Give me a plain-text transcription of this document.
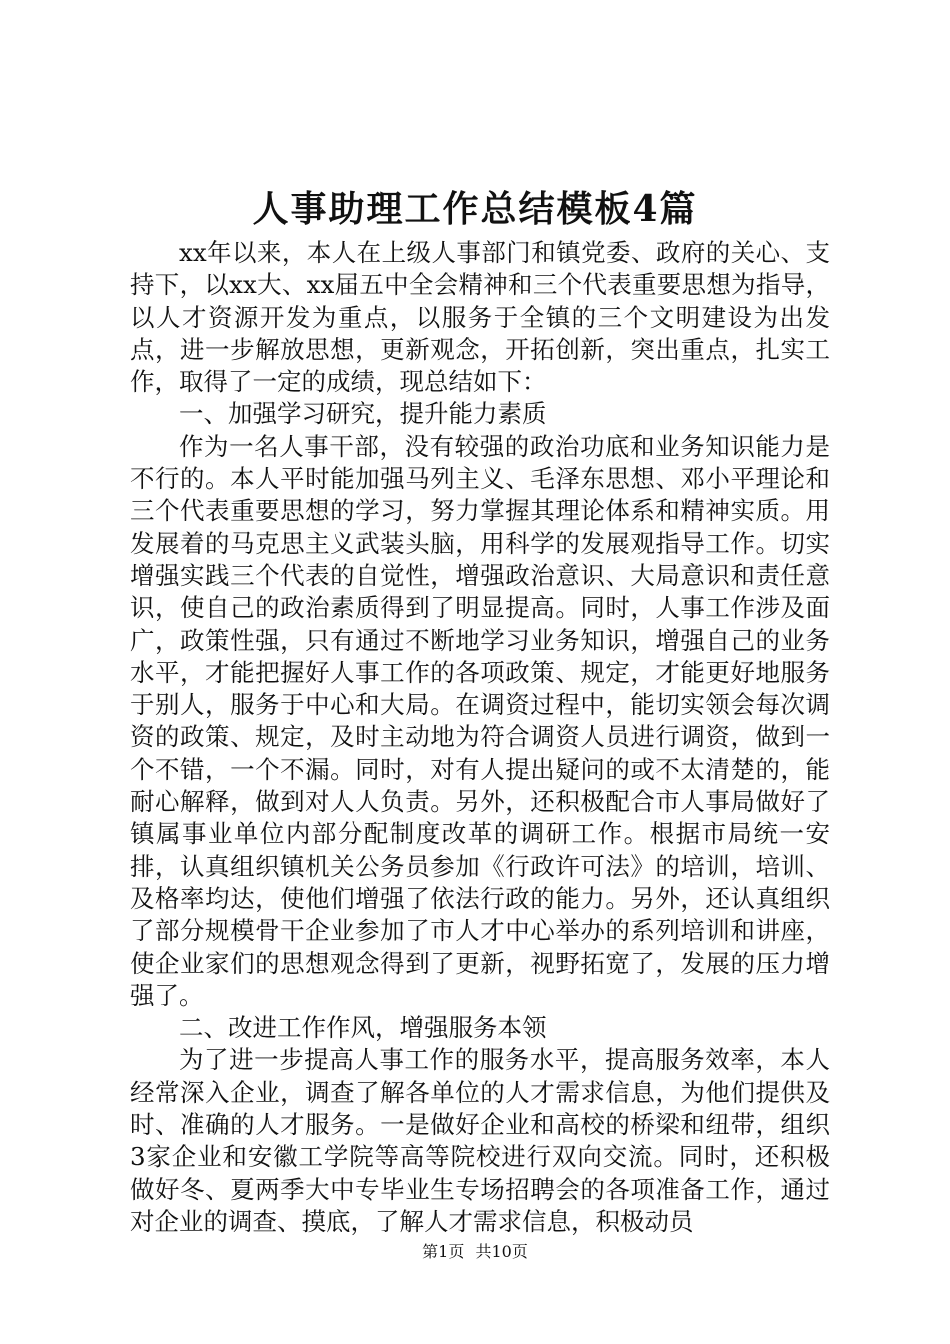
人事助理工作总结模板4篇

xx年以来，本人在上级人事部门和镇党委、政府的关心、支持下，以xx大、xx届五中全会精神和三个代表重要思想为指导，以人才资源开发为重点，以服务于全镇的三个文明建设为出发点，进一步解放思想，更新观念，开拓创新，突出重点，扎实工作，取得了一定的成绩，现总结如下：

一、加强学习研究，提升能力素质

作为一名人事干部，没有较强的政治功底和业务知识能力是不行的。本人平时能加强马列主义、毛泽东思想、邓小平理论和三个代表重要思想的学习，努力掌握其理论体系和精神实质。用发展着的马克思主义武装头脑，用科学的发展观指导工作。切实增强实践三个代表的自觉性，增强政治意识、大局意识和责任意识，使自己的政治素质得到了明显提高。同时，人事工作涉及面广，政策性强，只有通过不断地学习业务知识，增强自己的业务水平，才能把握好人事工作的各项政策、规定，才能更好地服务于别人，服务于中心和大局。在调资过程中，能切实领会每次调资的政策、规定，及时主动地为符合调资人员进行调资，做到一个不错，一个不漏。同时，对有人提出疑问的或不太清楚的，能耐心解释，做到对人人负责。另外，还积极配合市人事局做好了镇属事业单位内部分配制度改革的调研工作。根据市局统一安排，认真组织镇机关公务员参加《行政许可法》的培训，培训、及格率均达，使他们增强了依法行政的能力。另外，还认真组织了部分规模骨干企业参加了市人才中心举办的系列培训和讲座，使企业家们的思想观念得到了更新，视野拓宽了，发展的压力增强了。

二、改进工作作风，增强服务本领

为了进一步提高人事工作的服务水平，提高服务效率，本人经常深入企业，调查了解各单位的人才需求信息，为他们提供及时、准确的人才服务。一是做好企业和高校的桥梁和纽带，组织3家企业和安徽工学院等高等院校进行双向交流。同时，还积极做好冬、夏两季大中专毕业生专场招聘会的各项准备工作，通过对企业的调查、摸底，了解人才需求信息，积极动员

第1页 共10页
